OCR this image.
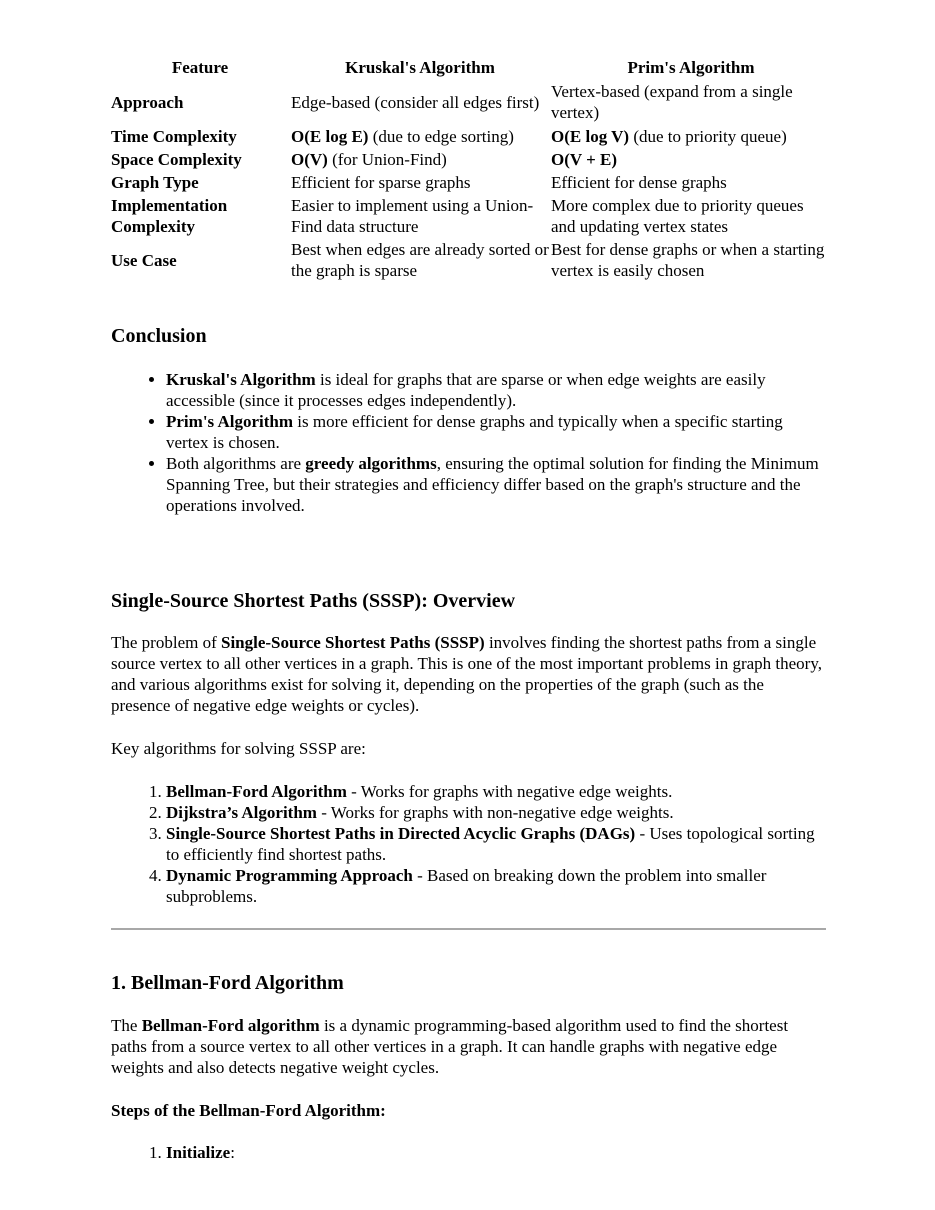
Feature	Kruskal's Algorithm	Prim's Algorithm
Approach	Edge-based (consider all edges first)	Vertex-based (expand from a single vertex)
Time Complexity	O(E log E) (due to edge sorting)	O(E log V) (due to priority queue)
Space Complexity	O(V) (for Union-Find)	O(V + E)
Graph Type	Efficient for sparse graphs	Efficient for dense graphs
Implementation Complexity	Easier to implement using a Union-Find data structure	More complex due to priority queues and updating vertex states
Use Case	Best when edges are already sorted or the graph is sparse	Best for dense graphs or when a starting vertex is easily chosen
Conclusion
• Kruskal's Algorithm is ideal for graphs that are sparse or when edge weights are easily accessible (since it processes edges independently).
• Prim's Algorithm is more efficient for dense graphs and typically when a specific starting vertex is chosen.
• Both algorithms are greedy algorithms, ensuring the optimal solution for finding the Minimum Spanning Tree, but their strategies and efficiency differ based on the graph's structure and the operations involved.
Single-Source Shortest Paths (SSSP): Overview

The problem of Single-Source Shortest Paths (SSSP) involves finding the shortest paths from a single source vertex to all other vertices in a graph. This is one of the most important problems in graph theory, and various algorithms exist for solving it, depending on the properties of the graph (such as the presence of negative edge weights or cycles).

Key algorithms for solving SSSP are:

1. Bellman-Ford Algorithm - Works for graphs with negative edge weights.
2. Dijkstra’s Algorithm - Works for graphs with non-negative edge weights.
3. Single-Source Shortest Paths in Directed Acyclic Graphs (DAGs) - Uses topological sorting to efficiently find shortest paths.
4. Dynamic Programming Approach - Based on breaking down the problem into smaller subproblems.
1. Bellman-Ford Algorithm

The Bellman-Ford algorithm is a dynamic programming-based algorithm used to find the shortest paths from a source vertex to all other vertices in a graph. It can handle graphs with negative edge weights and also detects negative weight cycles.

Steps of the Bellman-Ford Algorithm:

1. Initialize:
